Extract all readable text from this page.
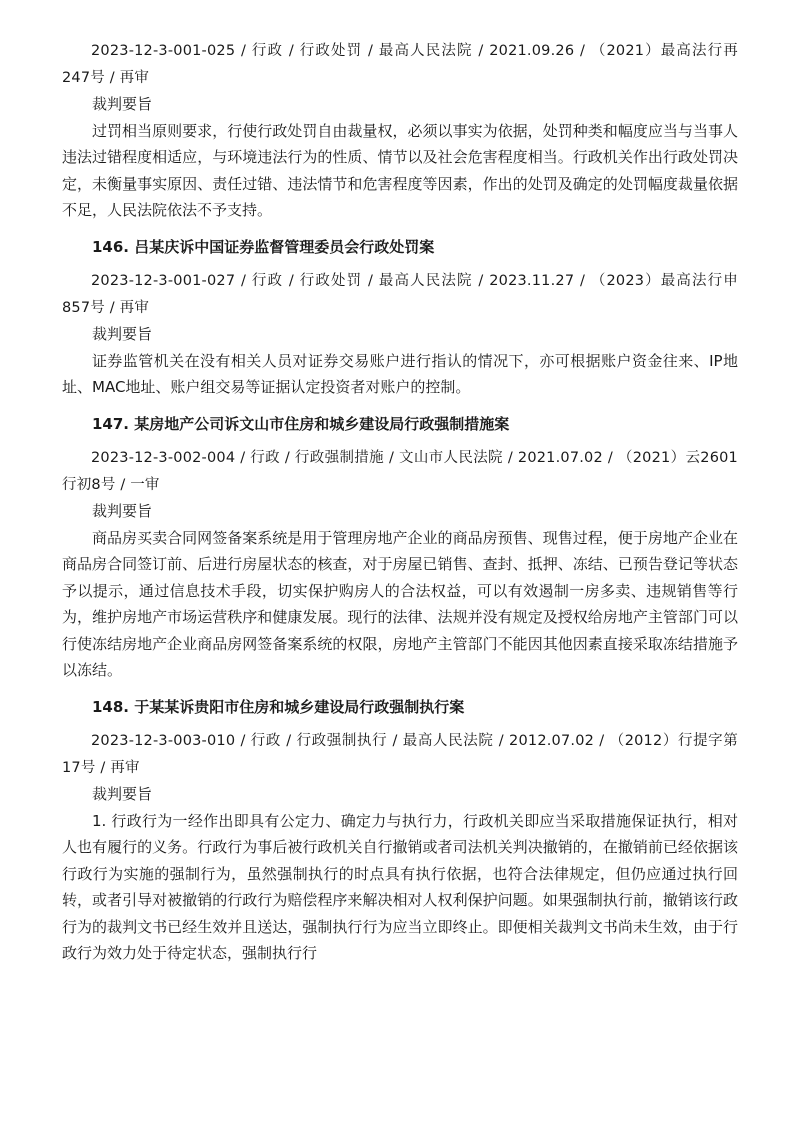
2023-12-3-001-025 / 行政 / 行政处罚 / 最高人民法院 / 2021.09.26 / （2021）最高法行再247号 / 再审

裁判要旨

过罚相当原则要求，行使行政处罚自由裁量权，必须以事实为依据，处罚种类和幅度应当与当事人违法过错程度相适应，与环境违法行为的性质、情节以及社会危害程度相当。行政机关作出行政处罚决定，未衡量事实原因、责任过错、违法情节和危害程度等因素，作出的处罚及确定的处罚幅度裁量依据不足，人民法院依法不予支持。

146. 吕某庆诉中国证券监督管理委员会行政处罚案

2023-12-3-001-027 / 行政 / 行政处罚 / 最高人民法院 / 2023.11.27 / （2023）最高法行申857号 / 再审

裁判要旨

证券监管机关在没有相关人员对证券交易账户进行指认的情况下，亦可根据账户资金往来、IP地址、MAC地址、账户组交易等证据认定投资者对账户的控制。

147. 某房地产公司诉文山市住房和城乡建设局行政强制措施案

2023-12-3-002-004 / 行政 / 行政强制措施 / 文山市人民法院 / 2021.07.02 / （2021）云2601行初8号 / 一审

裁判要旨

商品房买卖合同网签备案系统是用于管理房地产企业的商品房预售、现售过程，便于房地产企业在商品房合同签订前、后进行房屋状态的核查，对于房屋已销售、查封、抵押、冻结、已预告登记等状态予以提示，通过信息技术手段，切实保护购房人的合法权益，可以有效遏制一房多卖、违规销售等行为，维护房地产市场运营秩序和健康发展。现行的法律、法规并没有规定及授权给房地产主管部门可以行使冻结房地产企业商品房网签备案系统的权限，房地产主管部门不能因其他因素直接采取冻结措施予以冻结。

148. 于某某诉贵阳市住房和城乡建设局行政强制执行案

2023-12-3-003-010 / 行政 / 行政强制执行 / 最高人民法院 / 2012.07.02 / （2012）行提字第17号 / 再审

裁判要旨

1. 行政行为一经作出即具有公定力、确定力与执行力，行政机关即应当采取措施保证执行，相对人也有履行的义务。行政行为事后被行政机关自行撤销或者司法机关判决撤销的，在撤销前已经依据该行政行为实施的强制行为，虽然强制执行的时点具有执行依据，也符合法律规定，但仍应通过执行回转，或者引导对被撤销的行政行为赔偿程序来解决相对人权利保护问题。如果强制执行前，撤销该行政行为的裁判文书已经生效并且送达，强制执行行为应当立即终止。即便相关裁判文书尚未生效，由于行政行为效力处于待定状态，强制执行行
